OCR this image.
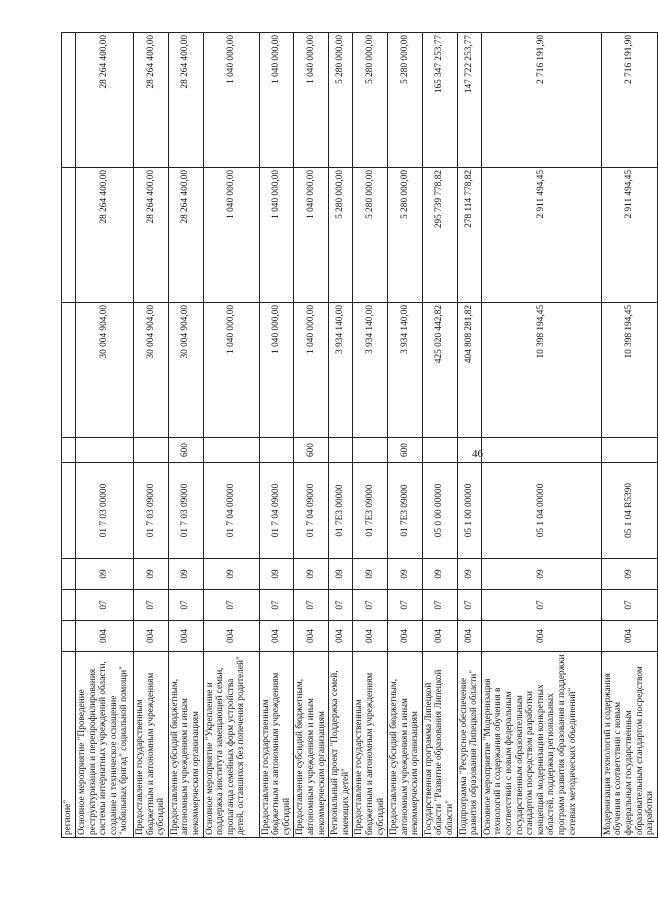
46
регионе"								
Основное мероприятие "Проведение реструктуризации и перепрофилирования системы интернатных учреждений области, создание и техническое оснащение "мобильных бригад" социальной помощи"	004	07	09	01 7 03 00000		30 004 904,00	28 264 400,00	28 264 400,00
Предоставление государственным бюджетным и автономным учреждениям субсидий	004	07	09	01 7 03 09000		30 004 904,00	28 264 400,00	28 264 400,00
Предоставление субсидий бюджетным, автономным учреждениям и иным некоммерческим организациям	004	07	09	01 7 03 09000	600	30 004 904,00	28 264 400,00	28 264 400,00
Основное мероприятие "Укрепление и поддержка института замещающей семьи, пропаганда семейных форм устройства детей, оставшихся без попечения родителей"	004	07	09	01 7 04 00000		1 040 000,00	1 040 000,00	1 040 000,00
Предоставление государственным бюджетным и автономным учреждениям субсидий	004	07	09	01 7 04 09000		1 040 000,00	1 040 000,00	1 040 000,00
Предоставление субсидий бюджетным, автономным учреждениям и иным некоммерческим организациям	004	07	09	01 7 04 09000	600	1 040 000,00	1 040 000,00	1 040 000,00
Региональный проект "Поддержка семей, имеющих детей"	004	07	09	01 7Е3 00000		3 934 140,00	5 280 000,00	5 280 000,00
Предоставление государственным бюджетным и автономным учреждениям субсидий	004	07	09	01 7Е3 09000		3 934 140,00	5 280 000,00	5 280 000,00
Предоставление субсидий бюджетным, автономным учреждениям и иным некоммерческим организациям	004	07	09	01 7Е3 09000	600	3 934 140,00	5 280 000,00	5 280 000,00
Государственная программа Липецкой области "Развитие образования Липецкой области"	004	07	09	05 0 00 00000		425 020 442,82	295 739 778,82	165 347 253,77
Подпрограмма "Ресурсное обеспечение развития образования Липецкой области"	004	07	09	05 1 00 00000		404 808 281,82	278 114 778,82	147 722 253,77
Основное мероприятие "Модернизация технологий и содержания обучения в соответствии с новым федеральным государственным образовательным стандартом посредством разработки концепций модернизации конкретных областей, поддержки региональных программ развития образования и поддержки сетевых методических объединений"	004	07	09	05 1 04 00000		10 398 194,45	2 911 494,45	2 716 191,90
Модернизация технологий и содержания обучения в соответствии с новым федеральным государственным образовательным стандартом посредством разработки	004	07	09	05 1 04 R5390		10 398 194,45	2 911 494,45	2 716 191,90
